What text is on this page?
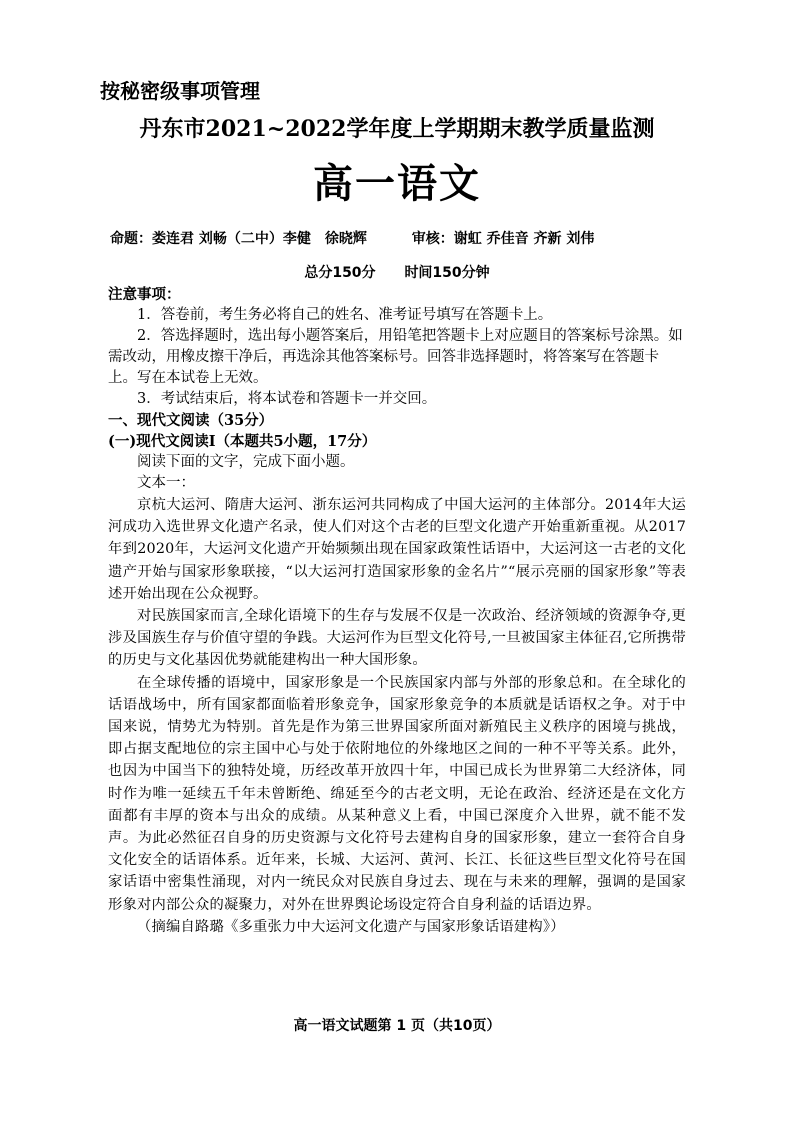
按秘密级事项管理
丹东市2021~2022学年度上学期期末教学质量监测
高一语文
命题：娄连君 刘畅（二中）李健　徐晓辉	审核：谢虹 乔佳音 齐新 刘伟
总分150分 时间150分钟

注意事项：

1．答卷前，考生务必将自己的姓名、准考证号填写在答题卡上。

2．答选择题时，选出每小题答案后，用铅笔把答题卡上对应题目的答案标号涂黑。如需改动，用橡皮擦干净后，再选涂其他答案标号。回答非选择题时，将答案写在答题卡上。写在本试卷上无效。

3．考试结束后，将本试卷和答题卡一并交回。

一、现代文阅读（35分）

(一)现代文阅读Ⅰ（本题共5小题，17分）

阅读下面的文字，完成下面小题。

文本一：

京杭大运河、隋唐大运河、浙东运河共同构成了中国大运河的主体部分。2014年大运河成功入选世界文化遗产名录，使人们对这个古老的巨型文化遗产开始重新重视。从2017年到2020年，大运河文化遗产开始频频出现在国家政策性话语中，大运河这一古老的文化遗产开始与国家形象联接，“以大运河打造国家形象的金名片”“展示亮丽的国家形象”等表述开始出现在公众视野。

对民族国家而言,全球化语境下的生存与发展不仅是一次政治、经济领域的资源争夺,更涉及国族生存与价值守望的争践。大运河作为巨型文化符号,一旦被国家主体征召,它所携带的历史与文化基因优势就能建构出一种大国形象。

在全球传播的语境中，国家形象是一个民族国家内部与外部的形象总和。在全球化的话语战场中，所有国家都面临着形象竞争，国家形象竞争的本质就是话语权之争。对于中国来说，情势尤为特别。首先是作为第三世界国家所面对新殖民主义秩序的困境与挑战，即占据支配地位的宗主国中心与处于依附地位的外缘地区之间的一种不平等关系。此外，也因为中国当下的独特处境，历经改革开放四十年，中国已成长为世界第二大经济体，同时作为唯一延续五千年未曾断绝、绵延至今的古老文明，无论在政治、经济还是在文化方面都有丰厚的资本与出众的成绩。从某种意义上看，中国已深度介入世界，就不能不发声。为此必然征召自身的历史资源与文化符号去建构自身的国家形象，建立一套符合自身文化安全的话语体系。近年来，长城、大运河、黄河、长江、长征这些巨型文化符号在国家话语中密集性涌现，对内一统民众对民族自身过去、现在与未来的理解，强调的是国家形象对内部公众的凝聚力，对外在世界舆论场设定符合自身利益的话语边界。

（摘编自路璐《多重张力中大运河文化遗产与国家形象话语建构》）

高一语文试题第 1 页（共10页）
